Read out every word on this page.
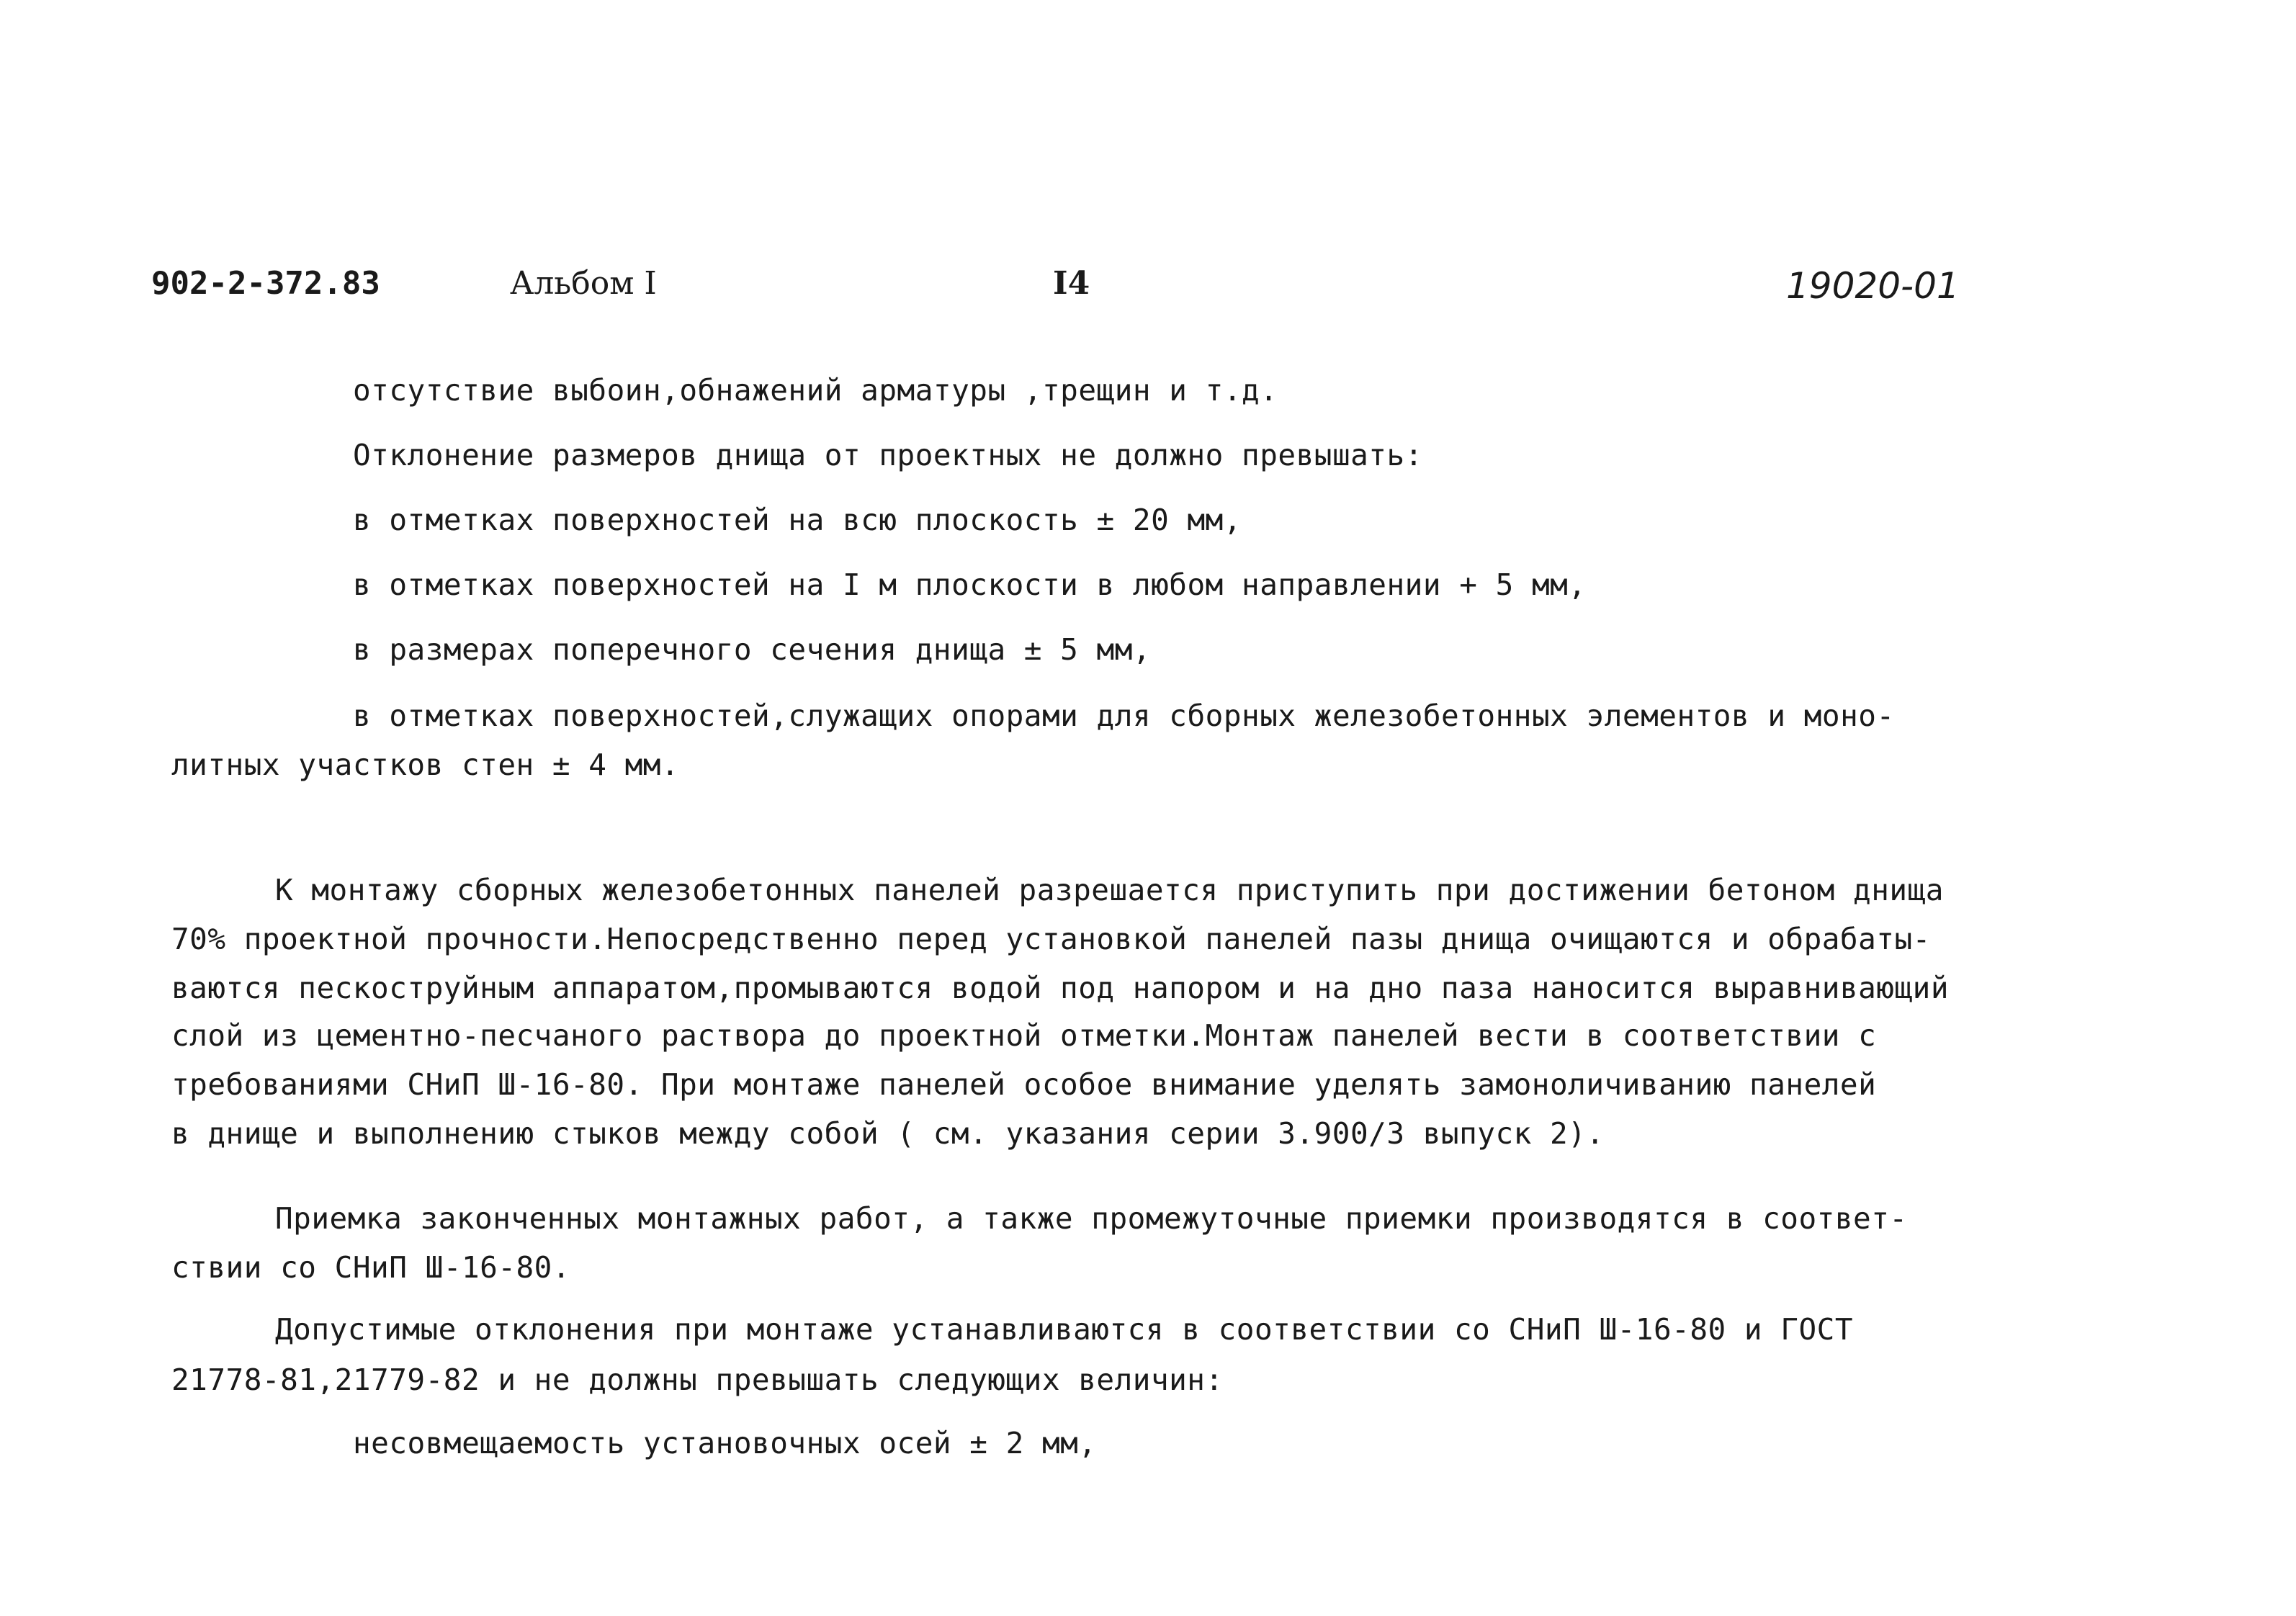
902-2-372.83	Альбом I	I4	19020-01
отсутствие выбоин,обнажений арматуры ,трещин и т.д.
Отклонение размеров днища от проектных не должно превышать:
в отметках поверхностей на всю плоскость ± 20 мм,
в отметках поверхностей на I м плоскости в любом направлении + 5 мм,
в размерах поперечного сечения днища ± 5 мм,
в отметках поверхностей,служащих опорами для сборных железобетонных элементов и моно-
литных участков стен ± 4 мм.
К монтажу сборных железобетонных панелей разрешается приступить при достижении бетоном днища
70% проектной прочности.Непосредственно перед установкой панелей пазы днища очищаются и обрабаты-
ваются пескоструйным аппаратом,промываются водой под напором и на дно паза наносится выравнивающий
слой из цементно-песчаного раствора до проектной отметки.Монтаж панелей вести в соответствии с
требованиями СНиП Ш-16-80. При монтаже панелей особое внимание уделять замоноличиванию панелей
в днище и выполнению стыков между собой ( см. указания серии 3.900/3 выпуск 2).
Приемка законченных монтажных работ, а также промежуточные приемки производятся в соответ-
ствии со СНиП Ш-16-80.
Допустимые отклонения при монтаже устанавливаются в соответствии со СНиП Ш-16-80 и ГОСТ
21778-81,21779-82 и не должны превышать следующих величин:
несовмещаемость установочных осей ± 2 мм,
